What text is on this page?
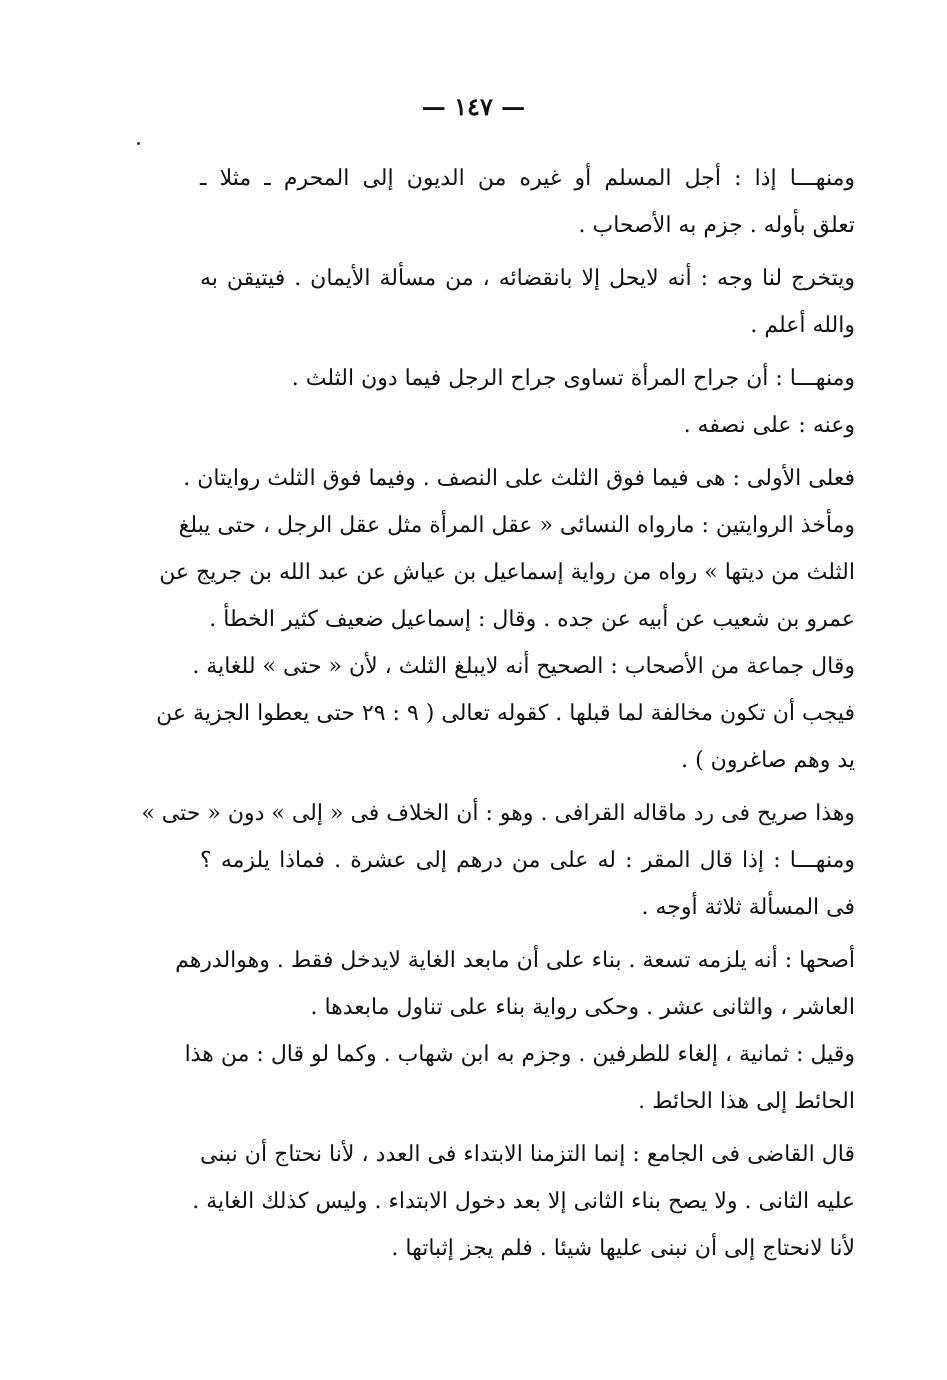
— ١٤٧ —
ومنهـــا إذا : أجل المسلم أو غيره من الديون إلى المحرم ـ مثلا ـ
تعلق بأوله . جزم به الأصحاب .
ويتخرج لنا وجه : أنه لايحل إلا بانقضائه ، من مسألة الأيمان . فيتيقن به
والله أعلم .
ومنهـــا : أن جراح المرأة تساوى جراح الرجل فيما دون الثلث .
وعنه : على نصفه .
فعلى الأولى : هى فيما فوق الثلث على النصف . وفيما فوق الثلث روايتان .
ومأخذ الروايتين : مارواه النسائى « عقل المرأة مثل عقل الرجل ، حتى يبلغ
الثلث من ديتها » رواه من رواية إسماعيل بن عياش عن عبد الله بن جريج عن
عمرو بن شعيب عن أبيه عن جده . وقال : إسماعيل ضعيف كثير الخطأ .
وقال جماعة من الأصحاب : الصحيح أنه لايبلغ الثلث ، لأن « حتى » للغاية .
فيجب أن تكون مخالفة لما قبلها . كقوله تعالى ( ٩ : ٢٩ حتى يعطوا الجزية عن
يد وهم صاغرون ) .
وهذا صريح فى رد ماقاله القرافى . وهو : أن الخلاف فى « إلى » دون « حتى »
ومنهـــا : إذا قال المقر : له على من درهم إلى عشرة . فماذا يلزمه ؟
فى المسألة ثلاثة أوجه .
أصحها : أنه يلزمه تسعة . بناء على أن مابعد الغاية لايدخل فقط . وهوالدرهم
العاشر ، والثانى عشر . وحكى رواية بناء على تناول مابعدها .
وقيل : ثمانية ، إلغاء للطرفين . وجزم به ابن شهاب . وكما لو قال : من هذا
الحائط إلى هذا الحائط .
قال القاضى فى الجامع : إنما التزمنا الابتداء فى العدد ، لأنا نحتاج أن نبنى
عليه الثانى . ولا يصح بناء الثانى إلا بعد دخول الابتداء . وليس كذلك الغاية .
لأنا لانحتاج إلى أن نبنى عليها شيئا . فلم يجز إثباتها .
